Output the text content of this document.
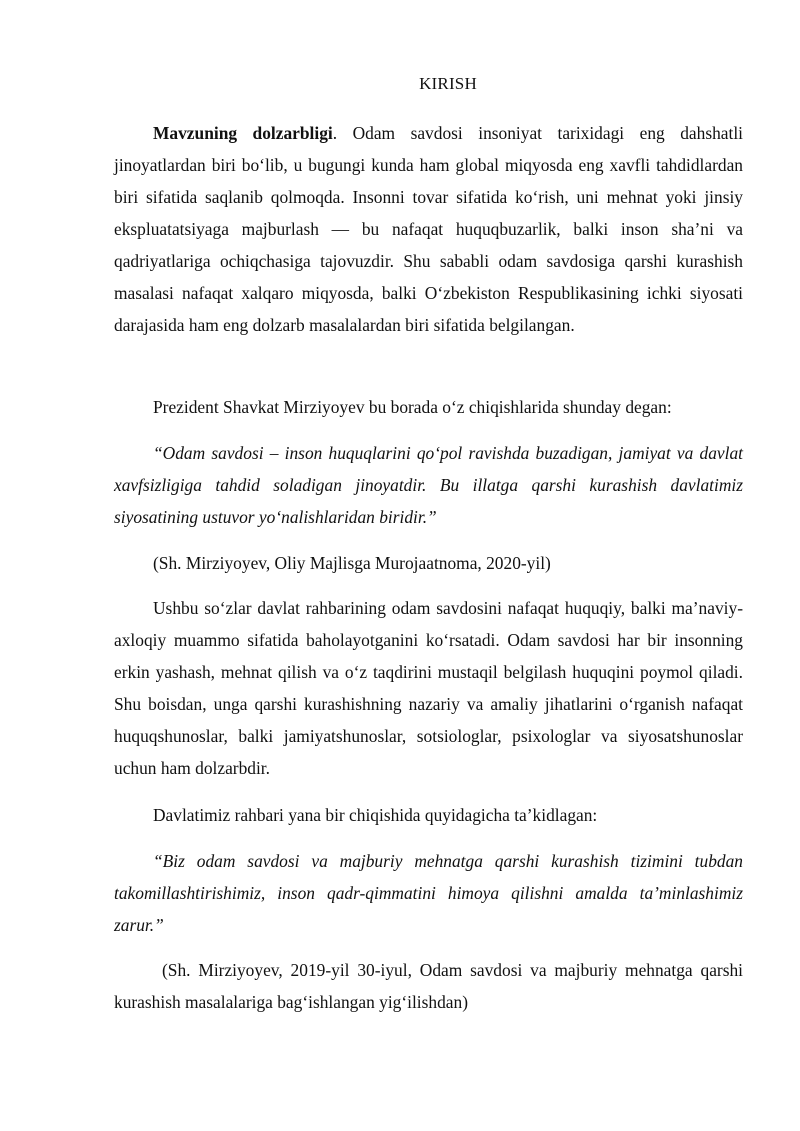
KIRISH

Mavzuning dolzarbligi. Odam savdosi insoniyat tarixidagi eng dahshatli jinoyatlardan biri bo‘lib, u bugungi kunda ham global miqyosda eng xavfli tahdidlardan biri sifatida saqlanib qolmoqda. Insonni tovar sifatida ko‘rish, uni mehnat yoki jinsiy ekspluatatsiyaga majburlash — bu nafaqat huquqbuzarlik, balki inson sha’ni va qadriyatlariga ochiqchasiga tajovuzdir. Shu sababli odam savdosiga qarshi kurashish masalasi nafaqat xalqaro miqyosda, balki O‘zbekiston Respublikasining ichki siyosati darajasida ham eng dolzarb masalalardan biri sifatida belgilangan.

Prezident Shavkat Mirziyoyev bu borada o‘z chiqishlarida shunday degan:

“Odam savdosi – inson huquqlarini qo‘pol ravishda buzadigan, jamiyat va davlat xavfsizligiga tahdid soladigan jinoyatdir. Bu illatga qarshi kurashish davlatimiz siyosatining ustuvor yo‘nalishlaridan biridir.”

(Sh. Mirziyoyev, Oliy Majlisga Murojaatnoma, 2020-yil)

Ushbu so‘zlar davlat rahbarining odam savdosini nafaqat huquqiy, balki ma’naviy-axloqiy muammo sifatida baholayotganini ko‘rsatadi. Odam savdosi har bir insonning erkin yashash, mehnat qilish va o‘z taqdirini mustaqil belgilash huquqini poymol qiladi. Shu boisdan, unga qarshi kurashishning nazariy va amaliy jihatlarini o‘rganish nafaqat huquqshunoslar, balki jamiyatshunoslar, sotsiologlar, psixologlar va siyosatshunoslar uchun ham dolzarbdir.

Davlatimiz rahbari yana bir chiqishida quyidagicha ta’kidlagan:

“Biz odam savdosi va majburiy mehnatga qarshi kurashish tizimini tubdan takomillashtirishimiz, inson qadr-qimmatini himoya qilishni amalda ta’minlashimiz zarur.”

(Sh. Mirziyoyev, 2019-yil 30-iyul, Odam savdosi va majburiy mehnatga qarshi kurashish masalalariga bag‘ishlangan yig‘ilishdan)
